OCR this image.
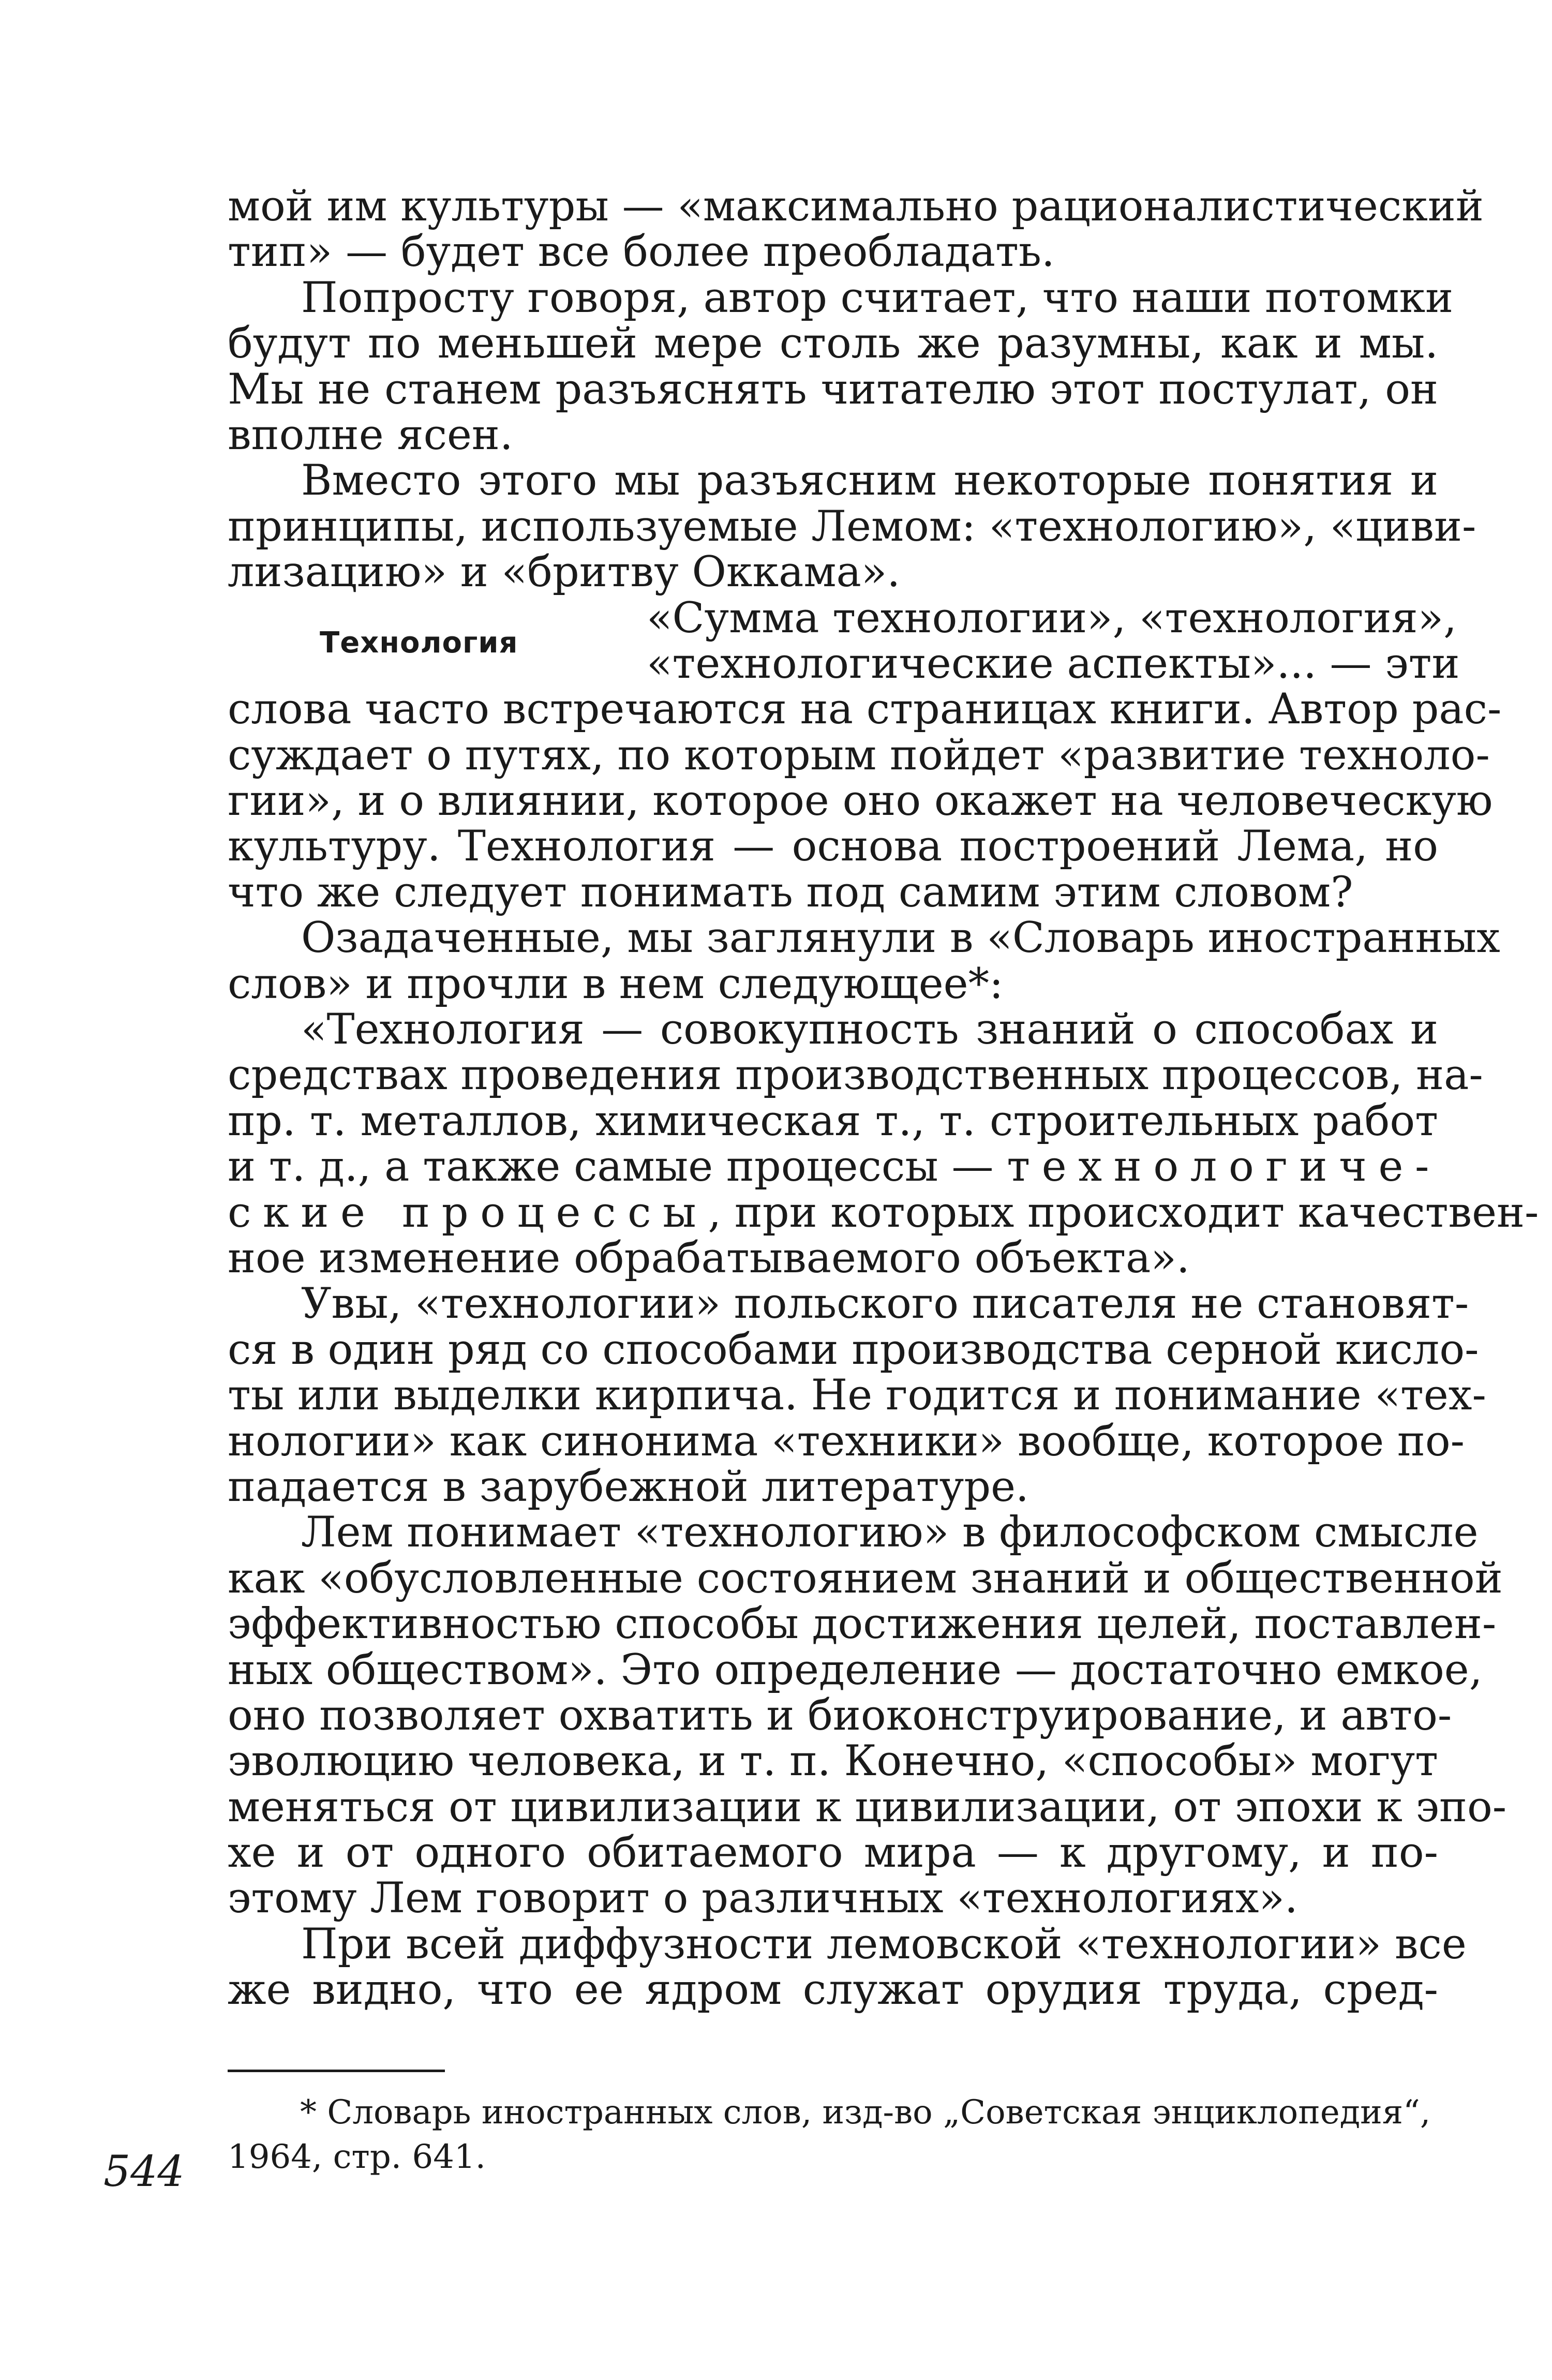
мой им культуры — «максимально рационалистический
тип» — будет все более преобладать.
Попросту говоря, автор считает, что наши потомки
будут по меньшей мере столь же разумны, как и мы.
Мы не станем разъяснять читателю этот постулат, он
вполне ясен.
Вместо этого мы разъясним некоторые понятия и
принципы, используемые Лемом: «технологию», «циви-
лизацию» и «бритву Оккама».
«Сумма технологии», «технология»,
«технологические аспекты»... — эти
слова часто встречаются на страницах книги. Автор рас-
суждает о путях, по которым пойдет «развитие техноло-
гии», и о влиянии, которое оно окажет на человеческую
культуру. Технология — основа построений Лема, но
что же следует понимать под самим этим словом?
Озадаченные, мы заглянули в «Словарь иностранных
слов» и прочли в нем следующее*:
«Технология — совокупность знаний о способах и
средствах проведения производственных процессов, на-
пр. т. металлов, химическая т., т. строительных работ
и т. д., а также самые процессы — технологиче-
ские процессы, при которых происходит качествен-
ное изменение обрабатываемого объекта».
Увы, «технологии» польского писателя не становят-
ся в один ряд со способами производства серной кисло-
ты или выделки кирпича. Не годится и понимание «тех-
нологии» как синонима «техники» вообще, которое по-
падается в зарубежной литературе.
Лем понимает «технологию» в философском смысле
как «обусловленные состоянием знаний и общественной
эффективностью способы достижения целей, поставлен-
ных обществом». Это определение — достаточно емкое,
оно позволяет охватить и биоконструирование, и авто-
эволюцию человека, и т. п. Конечно, «способы» могут
меняться от цивилизации к цивилизации, от эпохи к эпо-
хе и от одного обитаемого мира — к другому, и по-
этому Лем говорит о различных «технологиях».
При всей диффузности лемовской «технологии» все
же видно, что ее ядром служат орудия труда, сред-
Технология
* Словарь иностранных слов, изд-во „Советская энциклопедия“,
1964, стр. 641.
544
